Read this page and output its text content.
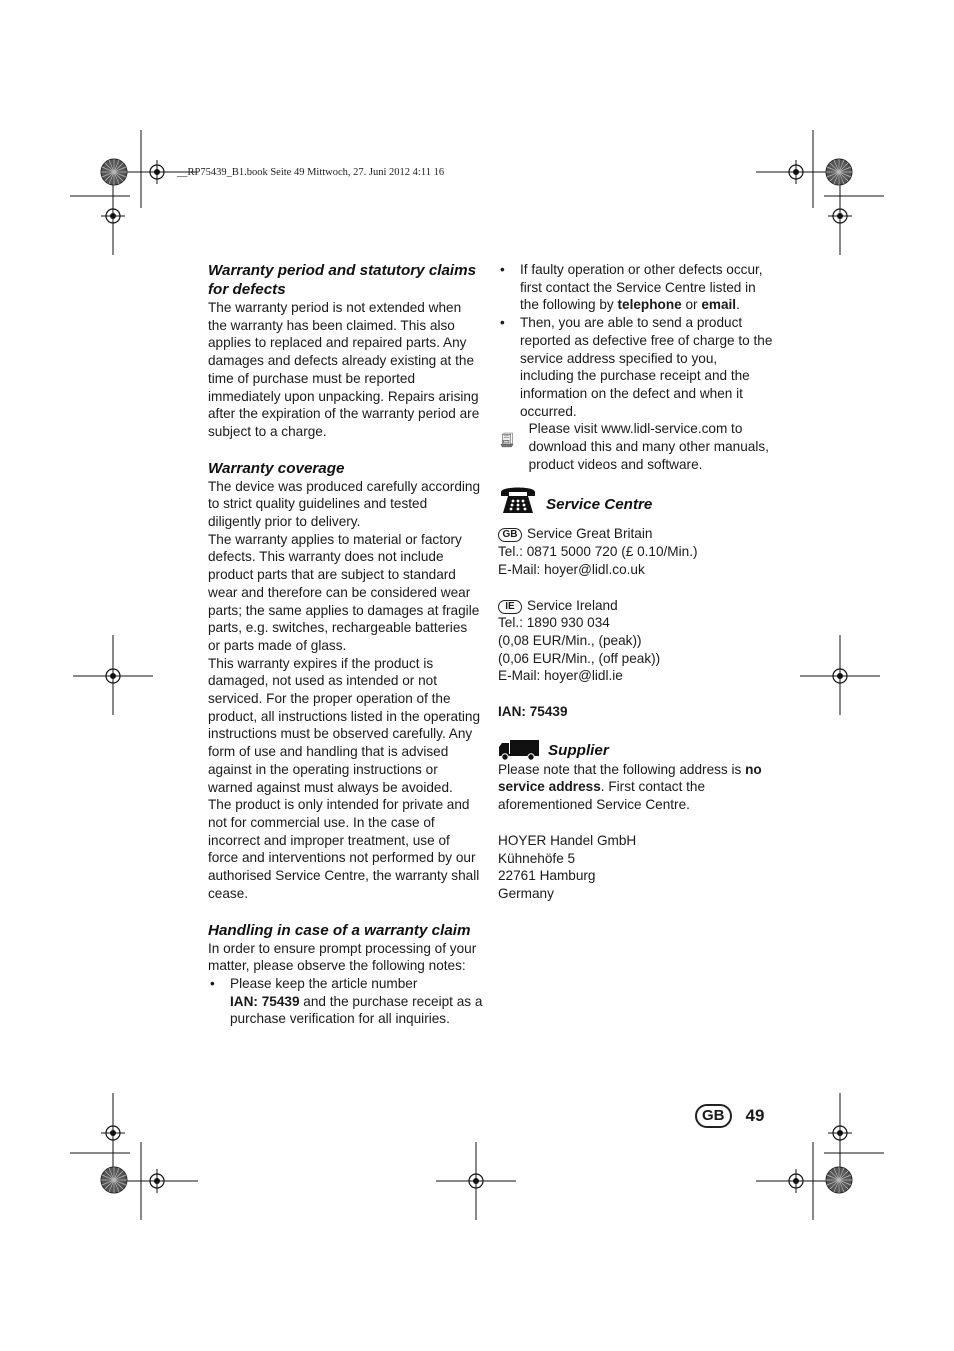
__RP75439_B1.book Seite 49 Mittwoch, 27. Juni 2012 4:11 16
Warranty period and statutory claims for defects

The warranty period is not extended when the warranty has been claimed. This also applies to replaced and repaired parts. Any damages and defects already existing at the time of purchase must be reported immediately upon unpacking. Repairs arising after the expiration of the warranty period are subject to a charge.

Warranty coverage

The device was produced carefully according to strict quality guidelines and tested diligently prior to delivery.

The warranty applies to material or factory defects. This warranty does not include product parts that are subject to standard wear and therefore can be considered wear parts; the same applies to damages at fragile parts, e.g. switches, rechargeable batteries or parts made of glass.

This warranty expires if the product is damaged, not used as intended or not serviced. For the proper operation of the product, all instructions listed in the operating instructions must be observed carefully. Any form of use and handling that is advised against in the operating instructions or warned against must always be avoided.

The product is only intended for private and not for commercial use. In the case of incorrect and improper treatment, use of force and interventions not performed by our authorised Service Centre, the warranty shall cease.

Handling in case of a warranty claim

In order to ensure prompt processing of your matter, please observe the following notes:

• Please keep the article number
IAN: 75439 and the purchase receipt as a purchase verification for all inquiries.
• If faulty operation or other defects occur, first contact the Service Centre listed in the following by telephone or email.
• Then, you are able to send a product reported as defective free of charge to the service address specified to you, including the purchase receipt and the information on the defect and when it occurred.

Please visit www.lidl-service.com to download this and many other manuals, product videos and software.

Service Centre

GB Service Great Britain

Tel.: 0871 5000 720 (£ 0.10/Min.)

E-Mail: hoyer@lidl.co.uk

IE Service Ireland

Tel.: 1890 930 034

(0,08 EUR/Min., (peak))

(0,06 EUR/Min., (off peak))

E-Mail: hoyer@lidl.ie

IAN: 75439

Supplier

Please note that the following address is no service address. First contact the aforementioned Service Centre.

HOYER Handel GmbH

Kühnehöfe 5

22761 Hamburg

Germany

GB	49
